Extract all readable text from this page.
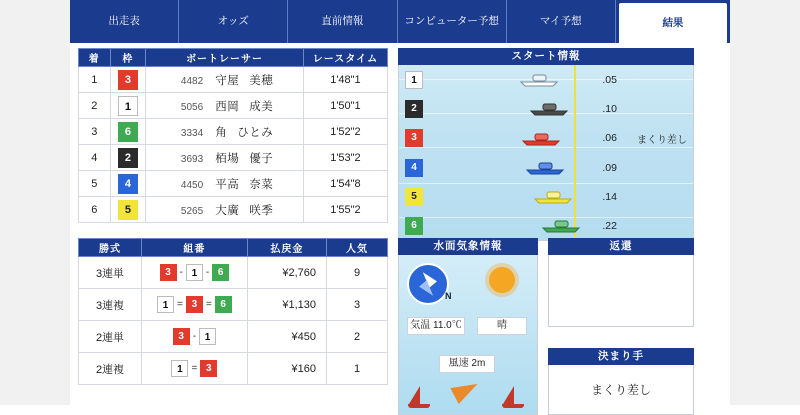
出走表	オッズ	直前情報	コンピューター予想	マイ予想	結果
着	枠	ボートレーサー	レースタイム
1	3	4482 守屋 美穂	1'48"1
2	1	5056 西岡 成美	1'50"1
3	6	3334 角 ひとみ	1'52"2
4	2	3693 栢場 優子	1'53"2
5	4	4450 平高 奈菜	1'54"8
6	5	5265 大廣 咲季	1'55"2
スタート情報
1	.05
2	.10
3	.06 まくり差し
4	.09
5	.14
6	.22
勝式	組番	払戻金	人気
3連単	3 - 1 - 6	¥2,760	9
3連複	1 = 3 = 6	¥1,130	3
2連単	3 - 1	¥450	2
2連複	1 = 3	¥160	1
水面気象情報
N
気温 11.0℃	晴
風速 2m
返還
決まり手
まくり差し
